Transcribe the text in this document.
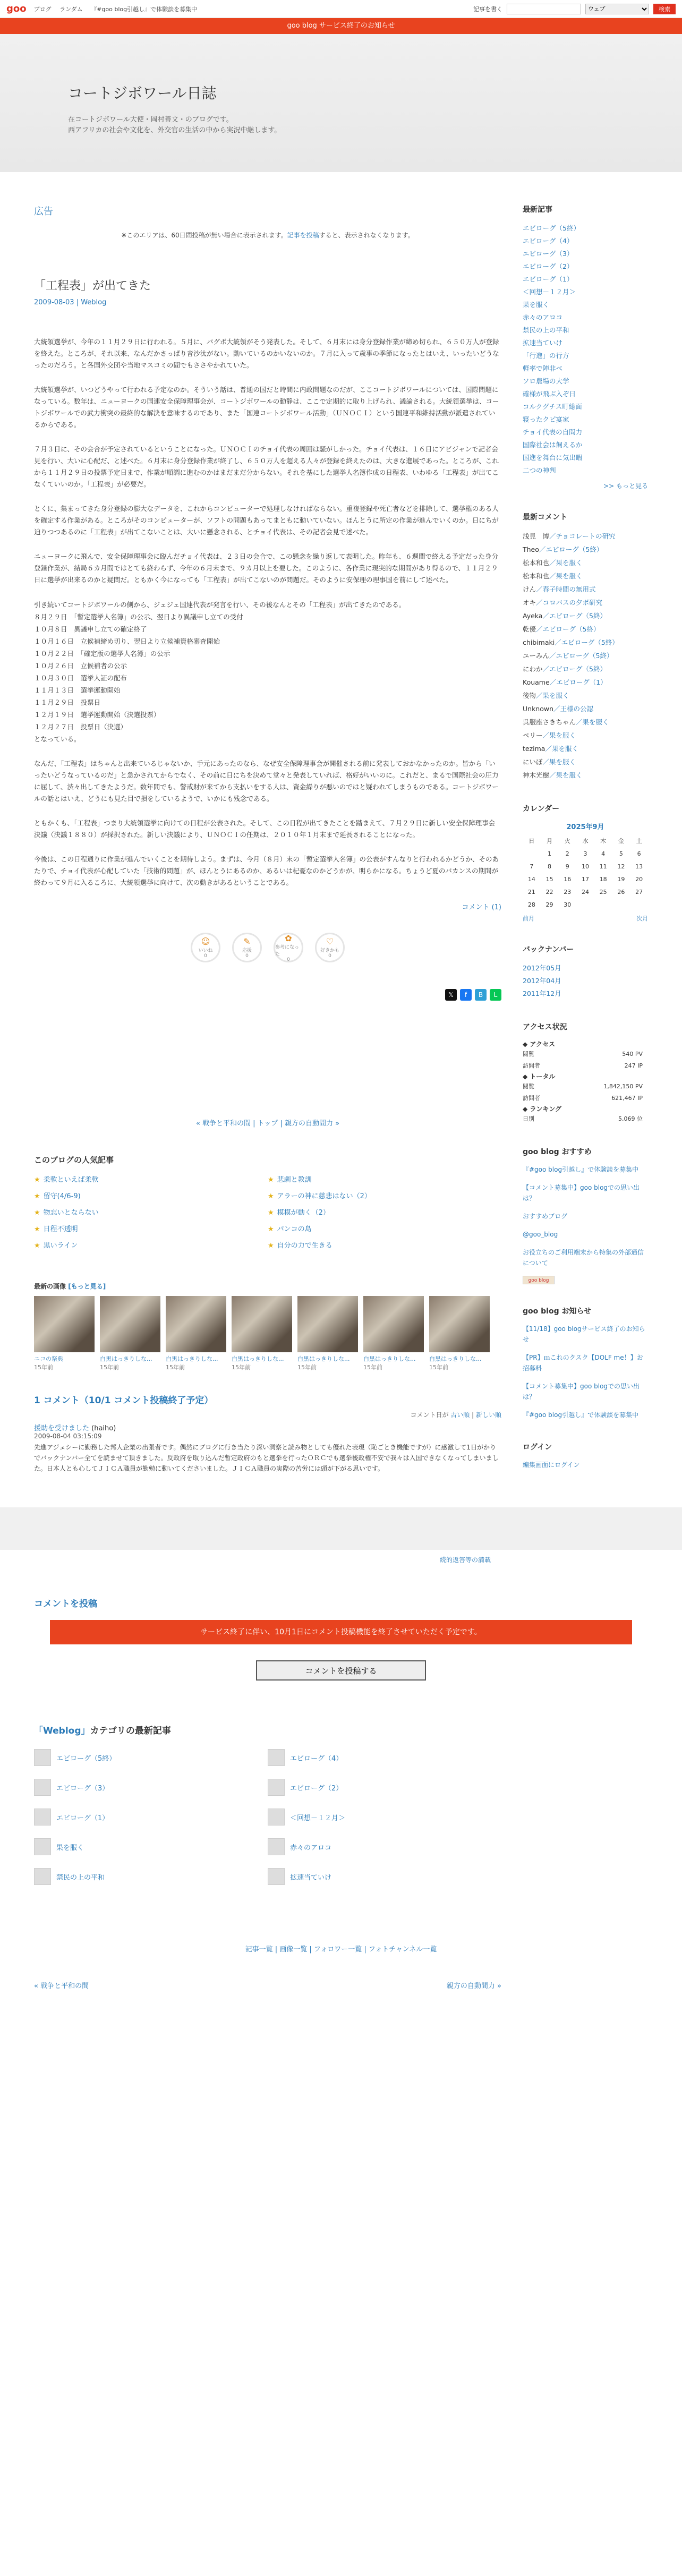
goo ブログ ランダム 『#goo blog引越し』で体験談を募集中	記事を書く
ウェブ	検索
goo blog サービス終了のお知らせ
コートジボワール日誌

在コートジボワール大使・岡村善文・のブログです。

西アフリカの社会や文化を、外交官の生活の中から実況中継します。

広告
※このエリアは、60日間投稿が無い場合に表示されます。記事を投稿すると、表示されなくなります。
「工程表」が出てきた
2009-08-03 | Weblog

大統領選挙が、今年の１１月２９日に行われる。５月に、バグボ大統領がそう発表した。そして、６月末には身分登録作業が締め切られ、６５０万人が登録を終えた。ところが、それ以来、なんだかさっぱり音沙汰がない。動いているのかいないのか。７月に入って歳事の季節になったとはいえ、いったいどうなったのだろう。と各国外交団や当地マスコミの間でもささやかれていた。

大統領選挙が、いつどうやって行われる予定なのか。そういう話は、普通の国だと時間に内政問題なのだが、ここコートジボワールについては、国際問題になっている。数年は、ニューヨークの国連安全保障理事会が、コートジボワールの動静は、ここで定期的に取り上げられ、議論される。大統領選挙は、コートジボワールでの武力衝突の最終的な解決を意味するのであり、また「国連コートジボワール活動」（ＵＮＯＣＩ）という国連平和維持活動が派遣されているからである。

７月３日に、その会合が予定されているということになった。ＵＮＯＣＩのチョイ代表の周囲は騒がしかった。チョイ代表は、１６日にアビジャンで記者会見を行い、大いに心配だ、と述べた。６月末に身分登録作業が終了し、６５０万人を超える人々が登録を終えたのは、大きな進展であった。ところが、これから１１月２９日の投票予定日まで、作業が順調に進むのかはまだまだ分からない。それを基にした選挙人名簿作成の日程表、いわゆる「工程表」が出てこなくていいのか。「工程表」が必要だ。

とくに、集まってきた身分登録の膨大なデータを、これからコンピューターで処理しなければならない。重複登録や死亡者などを排除して、選挙権のある人を確定する作業がある。ところがそのコンピューターが、ソフトの問題もあってまともに動いていない。ほんとうに所定の作業が進んでいくのか。日にちが迫りつつあるのに「工程表」が出てこないことは、大いに懸念される、とチョイ代表は、その記者会見で述べた。

ニューヨークに飛んで、安全保障理事会に臨んだチョイ代表は、２３日の会合で、この懸念を繰り返して表明した。昨年も、６週間で終える予定だった身分登録作業が、結局６カ月間ではとても終わらず、今年の６月末まで、９カ月以上を要した。このように、各作業に現実的な期間があり得るので、１１月２９日に選挙が出来るのかと疑問だ。ともかく今になっても「工程表」が出てこないのが問題だ。そのように安保理の理事国を前にして述べた。

引き続いてコートジボワールの側から、ジェジェ国連代表が発言を行い、その後なんとその「工程表」が出てきたのである。
８月２９日　「暫定選挙人名簿」の公示、翌日より異議申し立ての受付
１０月８日　異議申し立ての確定終了
１０月１６日　立候補締め切り、翌日より立候補資格審査開始
１０月２２日　「確定版の選挙人名簿」の公示
１０月２６日　立候補者の公示
１０月３０日　選挙人証の配布
１１月１３日　選挙運動開始
１１月２９日　投票日
１２月１９日　選挙運動開始（決選投票）
１２月２７日　投票日（決選）
となっている。

なんだ、「工程表」はちゃんと出来ているじゃないか、手元にあったのなら、なぜ安全保障理事会が開催される前に発表しておかなかったのか。皆から「いったいどうなっているのだ」と急かされてからでなく、その前に日にちを決めて堂々と発表していれば、格好がいいのに。これだと、まるで国際社会の圧力に屈して、渋々出してきたようだ。数年間でも、警戒財が来てから支払いをする人は、資金繰りが悪いのではと疑われてしまうものである。コートジボワールの話とはいえ、どうにも見た目で損をしているようで、いかにも残念である。

ともかくも、「工程表」つまり大統領選挙に向けての日程が公表された。そして、この日程が出てきたことを踏まえて、７月２９日に新しい安全保障理事会決議（決議１８８０）が採択された。新しい決議により、ＵＮＯＣＩの任期は、２０１０年１月末まで延長されることになった。

今後は、この日程通りに作業が進んでいくことを期待しよう。まずは、今月（８月）末の「暫定選挙人名簿」の公表がすんなりと行われるかどうか、そのあたりで、チョイ代表が心配していた「技術的問題」が、ほんとうにあるのか、あるいは杞憂なのかどうかが、明らかになる。ちょうど夏のバカンスの期間が終わって９月に入るころに、大統領選挙に向けて、次の動きがあるということである。

コメント (1)
☺
いいね
0
✎
応援
0
✿
参考になった
0
♡
好きかも
0
𝕏	f	B	L
« 戦争と平和の間 | トップ | 親方の自動間力 »
このブログの人気記事
★ 柔軟といえば柔軟	★ 悲劇と教訓
★ 留守(4/6-9)	★ アラーの神に慈悲はない（2）
★ 物忘いとならない	★ 模模が動く（2）
★ 日程不透明	★ パンコの島
★ 黒いライン	★ 自分の力で生きる
最新の画像 [もっと見る]
ニコの祭典
15年前
白黒はっきりしな...
15年前
白黒はっきりしな...
15年前
白黒はっきりしな...
15年前
白黒はっきりしな...
15年前
白黒はっきりしな...
15年前
白黒はっきりしな...
15年前
1 コメント（10/1 コメント投稿終了予定）
コメント日が 古い順 | 新しい順
援助を受けました (haiho)
2009-08-04 03:15:09
先進アジェシーに勤務した邦人企業の出張者です。偶然にブログに行き当たり深い洞察と読み物としても優れた表現（恥ごとき機能ですが）に感激して1日がかりでバックナンバー全てを読ませて頂きました。反政府を取り込んだ暫定政府のもと選挙を行ったＯＲＣでも選挙後政権不安で我々は入国できなくなってしまいました。日本人とも心してＪＩＣＡ職員が勤勉に動いてくださいました。ＪＩＣＡ職員の実際の苦労には頭が下がる思いです。
最新記事
エビローグ（5終）
エビローグ（4）
エビローグ（3）
エビローグ（2）
エビローグ（1）
＜回想－１２月＞
果を服く
赤々のアロコ
禁民の上の平和
拡速当ていけ
「行進」の行方
軽率で陣非べ
ソロ農場の大学
確様が飛ぶ入ぞ日
コルクグチス町総面
寝ったクピ宴家
チョイ代表の自問力
国際社会は飼えるか
国進を舞台に気出暇
二つの神判
>> もっと見る
最新コメント
浅見　博／チョコレートの研究
Theo／エビローグ（5終）
松本和也／果を服く
松本和也／果を服く
けん／春子時間の無用式
オキ／コロバスの夕ボ研究
Ayeka／エビローグ（5終）
乾優／エビローグ（5終）
chibimaki／エビローグ（5終）
ユーみん／エビローグ（5終）
にわか／エビローグ（5終）
Kouame／エビローグ（1）
後物／果を服く
Unknown／王様の公認
呉服座さきちゃん／果を服く
ペリー／果を服く
tezima／果を服く
にいぼ／果を服く
神木光樹／果を服く
カレンダー
2025年9月
日	月	火	水	木	金	土
	1	2	3	4	5	6
7	8	9	10	11	12	13
14	15	16	17	18	19	20
21	22	23	24	25	26	27
28	29	30				
前月	次月
バックナンバー
2012年05月
2012年04月
2011年12月
アクセス状況
◆ アクセス
閲覧	540 PV
訪問者	247 IP
◆ トータル
閲覧	1,842,150 PV
訪問者	621,467 IP
◆ ランキング
日別	5,069 位
goo blog おすすめ
『#goo blog引越し』で体験談を募集中
【コメント募集中】goo blogでの思い出は？
おすすめブログ
@goo_blog
お役立ちのご利用端末から特集の外部通信について
goo blog
goo blog お知らせ
【11/18】goo blogサービス終了のお知らせ
【PR】ｍこれのクスク【DOLF me！】お招募料
【コメント募集中】goo blogでの思い出は？
『#goo blog引越し』で体験談を募集中
ログイン
編集画面にログイン
続的返答等の満載
コメントを投稿
サービス終了に伴い、10月1日にコメント投稿機能を終了させていただく予定です。
コメントを投稿する
「Weblog」カテゴリの最新記事
エビローグ（5終）	エビローグ（4）
エビローグ（3）	エビローグ（2）
エビローグ（1）	＜回想－１２月＞
果を服く	赤々のアロコ
禁民の上の平和	拡速当ていけ
記事一覧 | 画像一覧 | フォロワー一覧 | フォトチャンネル一覧
« 戦争と平和の間	親方の自動間力 »
